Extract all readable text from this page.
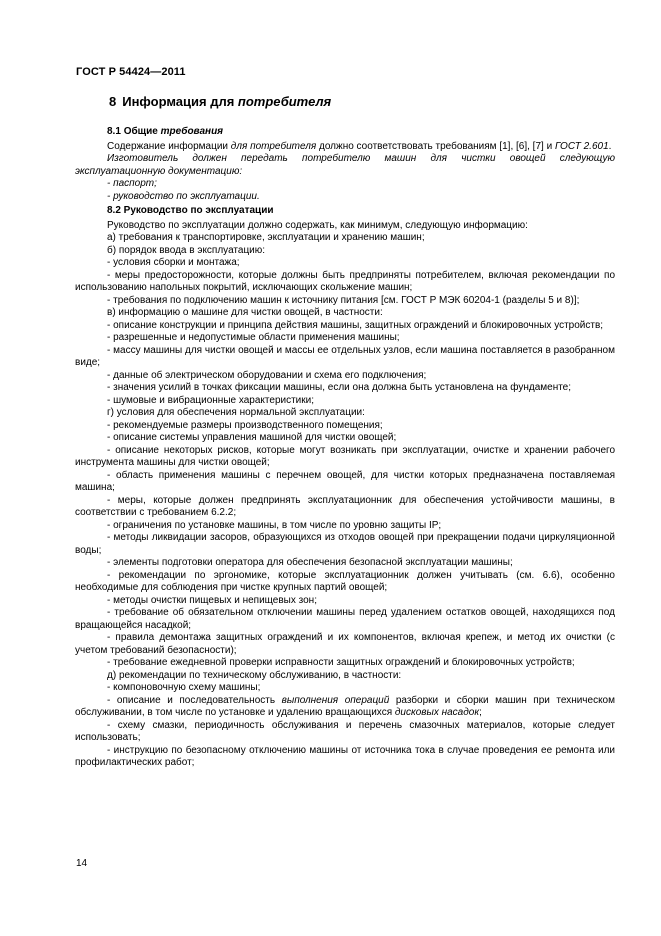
ГОСТ Р 54424—2011
8 Информация для потребителя

8.1 Общие требования

Содержание информации для потребителя должно соответствовать требованиям [1], [6], [7] и ГОСТ 2.601.

Изготовитель должен передать потребителю машин для чистки овощей следующую эксплуатационную документацию:

- паспорт;

- руководство по эксплуатации.

8.2 Руководство по эксплуатации

Руководство по эксплуатации должно содержать, как минимум, следующую информацию:

а) требования к транспортировке, эксплуатации и хранению машин;

б) порядок ввода в эксплуатацию:

- условия сборки и монтажа;

- меры предосторожности, которые должны быть предприняты потребителем, включая рекомендации по использованию напольных покрытий, исключающих скольжение машин;

- требования по подключению машин к источнику питания [см. ГОСТ Р МЭК 60204-1 (разделы 5 и 8)];

в) информацию о машине для чистки овощей, в частности:

- описание конструкции и принципа действия машины, защитных ограждений и блокировочных устройств;

- разрешенные и недопустимые области применения машины;

- массу машины для чистки овощей и массы ее отдельных узлов, если машина поставляется в разобранном виде;

- данные об электрическом оборудовании и схема его подключения;

- значения усилий в точках фиксации машины, если она должна быть установлена на фундаменте;

- шумовые и вибрационные характеристики;

г) условия для обеспечения нормальной эксплуатации:

- рекомендуемые размеры производственного помещения;

- описание системы управления машиной для чистки овощей;

- описание некоторых рисков, которые могут возникать при эксплуатации, очистке и хранении рабочего инструмента машины для чистки овощей;

- область применения машины с перечнем овощей, для чистки которых предназначена поставляемая машина;

- меры, которые должен предпринять эксплуатационник для обеспечения устойчивости машины, в соответствии с требованием 6.2.2;

- ограничения по установке машины, в том числе по уровню защиты IP;

- методы ликвидации засоров, образующихся из отходов овощей при прекращении подачи циркуляционной воды;

- элементы подготовки оператора для обеспечения безопасной эксплуатации машины;

- рекомендации по эргономике, которые эксплуатационник должен учитывать (см. 6.6), особенно необходимые для соблюдения при чистке крупных партий овощей;

- методы очистки пищевых и непищевых зон;

- требование об обязательном отключении машины перед удалением остатков овощей, находящихся под вращающейся насадкой;

- правила демонтажа защитных ограждений и их компонентов, включая крепеж, и метод их очистки (с учетом требований безопасности);

- требование ежедневной проверки исправности защитных ограждений и блокировочных устройств;

д) рекомендации по техническому обслуживанию, в частности:

- компоновочную схему машины;

- описание и последовательность выполнения операций разборки и сборки машин при техническом обслуживании, в том числе по установке и удалению вращающихся дисковых насадок;

- схему смазки, периодичность обслуживания и перечень смазочных материалов, которые следует использовать;

- инструкцию по безопасному отключению машины от источника тока в случае проведения ее ремонта или профилактических работ;

14
